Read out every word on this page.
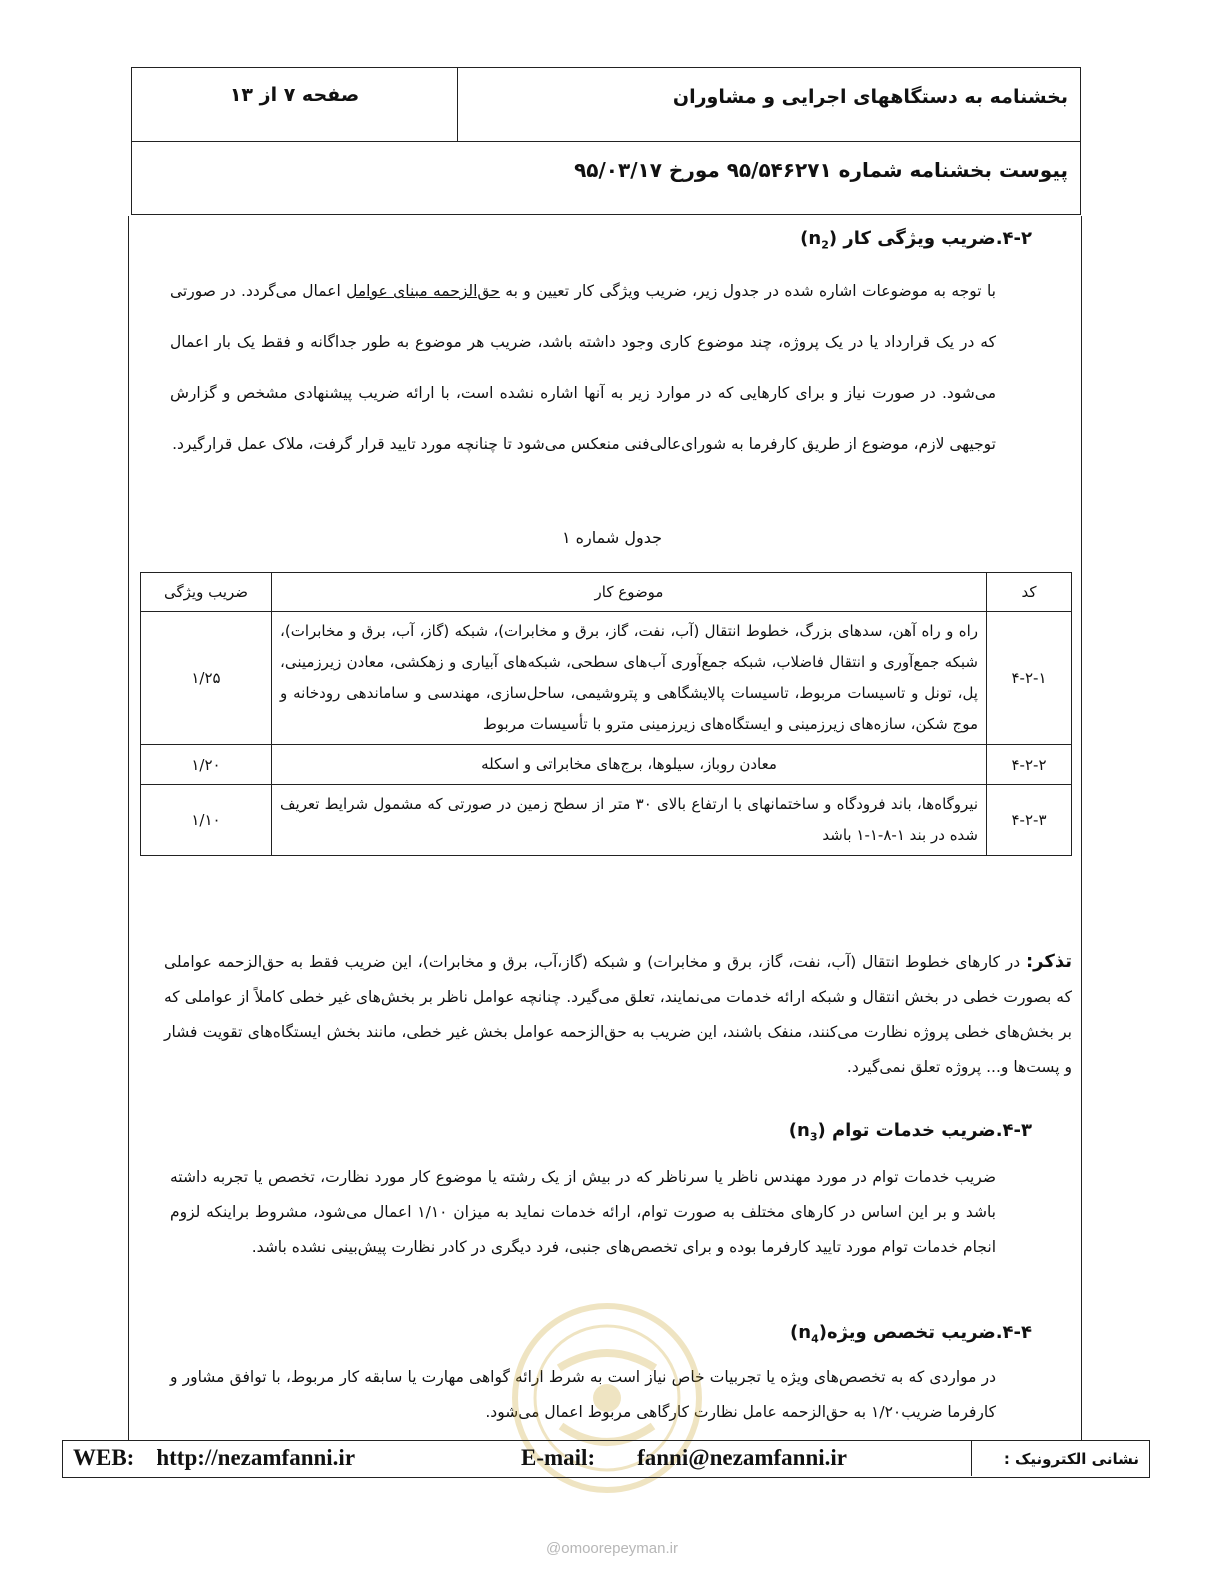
بخشنامه به دستگاههای اجرایی و مشاوران
صفحه ۷ از ۱۳
پیوست بخشنامه شماره ۹۵/۵۴۶۲۷۱ مورخ ۹۵/۰۳/۱۷
۴-۲.ضریب ویژگی کار $(n_2)$
با توجه به موضوعات اشاره شده در جدول زیر، ضریب ویژگی کار تعیین و به حق‌الزحمه مبنای عوامل اعمال می‌گردد. در صورتی که در یک قرارداد یا در یک پروژه، چند موضوع کاری وجود داشته باشد، ضریب هر موضوع به طور جداگانه و فقط یک بار اعمال می‌شود. در صورت نیاز و برای کارهایی که در موارد زیر به آنها اشاره نشده است، با ارائه ضریب پیشنهادی مشخص و گزارش توجیهی لازم، موضوع از طریق کارفرما به شورای‌عالی‌فنی منعکس می‌شود تا چنانچه مورد تایید قرار گرفت، ملاک عمل قرارگیرد.
جدول شماره ۱
کد	موضوع کار	ضریب ویژگی
۴-۲-۱	راه و راه آهن، سدهای بزرگ، خطوط انتقال (آب، نفت، گاز، برق و مخابرات)، شبکه (گاز، آب، برق و مخابرات)، شبکه جمع‌آوری و انتقال فاضلاب، شبکه جمع‌آوری آب‌های سطحی، شبکه‌های آبیاری و زهکشی، معادن زیرزمینی، پل، تونل و تاسیسات مربوط، تاسیسات پالایشگاهی و پتروشیمی، ساحل‌سازی، مهندسی و ساماندهی رودخانه و موج شکن، سازه‌های زیرزمینی و ایستگاه‌های زیرزمینی مترو با تأسیسات مربوط	۱/۲۵
۴-۲-۲	معادن روباز، سیلوها، برج‌های مخابراتی و اسکله	۱/۲۰
۴-۲-۳	نیروگاه‌ها، باند فرودگاه و ساختمانهای با ارتفاع بالای ۳۰ متر از سطح زمین در صورتی که مشمول شرایط تعریف شده در بند ۱-۸-۱-۱ باشد	۱/۱۰
تذکر: در کارهای خطوط انتقال (آب، نفت، گاز، برق و مخابرات) و شبکه (گاز،آب، برق و مخابرات)، این ضریب فقط به حق‌الزحمه عواملی که بصورت خطی در بخش انتقال و شبکه ارائه خدمات می‌نمایند، تعلق می‌گیرد. چنانچه عوامل ناظر بر بخش‌های غیر خطی کاملاً از عواملی که بر بخش‌های خطی پروژه نظارت می‌کنند، منفک باشند، این ضریب به حق‌الزحمه عوامل بخش غیر خطی، مانند بخش ایستگاه‌های تقویت فشار و پست‌ها و... پروژه تعلق نمی‌گیرد.
۴-۳.ضریب خدمات توام $(n_3)$
ضریب خدمات توام در مورد مهندس ناظر یا سرناظر که در بیش از یک رشته یا موضوع کار مورد نظارت، تخصص یا تجربه داشته باشد و بر این اساس در کارهای مختلف به صورت توام، ارائه خدمات نماید به میزان ۱/۱۰ اعمال می‌شود، مشروط براینکه لزوم انجام خدمات توام مورد تایید کارفرما بوده و برای تخصص‌های جنبی، فرد دیگری در کادر نظارت پیش‌بینی نشده باشد.
۴-۴.ضریب تخصص $ویژه(n_4)$
در مواردی که به تخصص‌های ویژه یا تجربیات خاص نیاز است به شرط ارائه گواهی مهارت یا سابقه کار مربوط، با توافق مشاور و کارفرما ضریب۱/۲۰ به حق‌الزحمه عامل نظارت کارگاهی مربوط اعمال می‌شود.
WEB: http://nezamfanni.ir	E-mail: fanni@nezamfanni.ir	نشانی الکترونیک :
@omoorepeyman.ir
